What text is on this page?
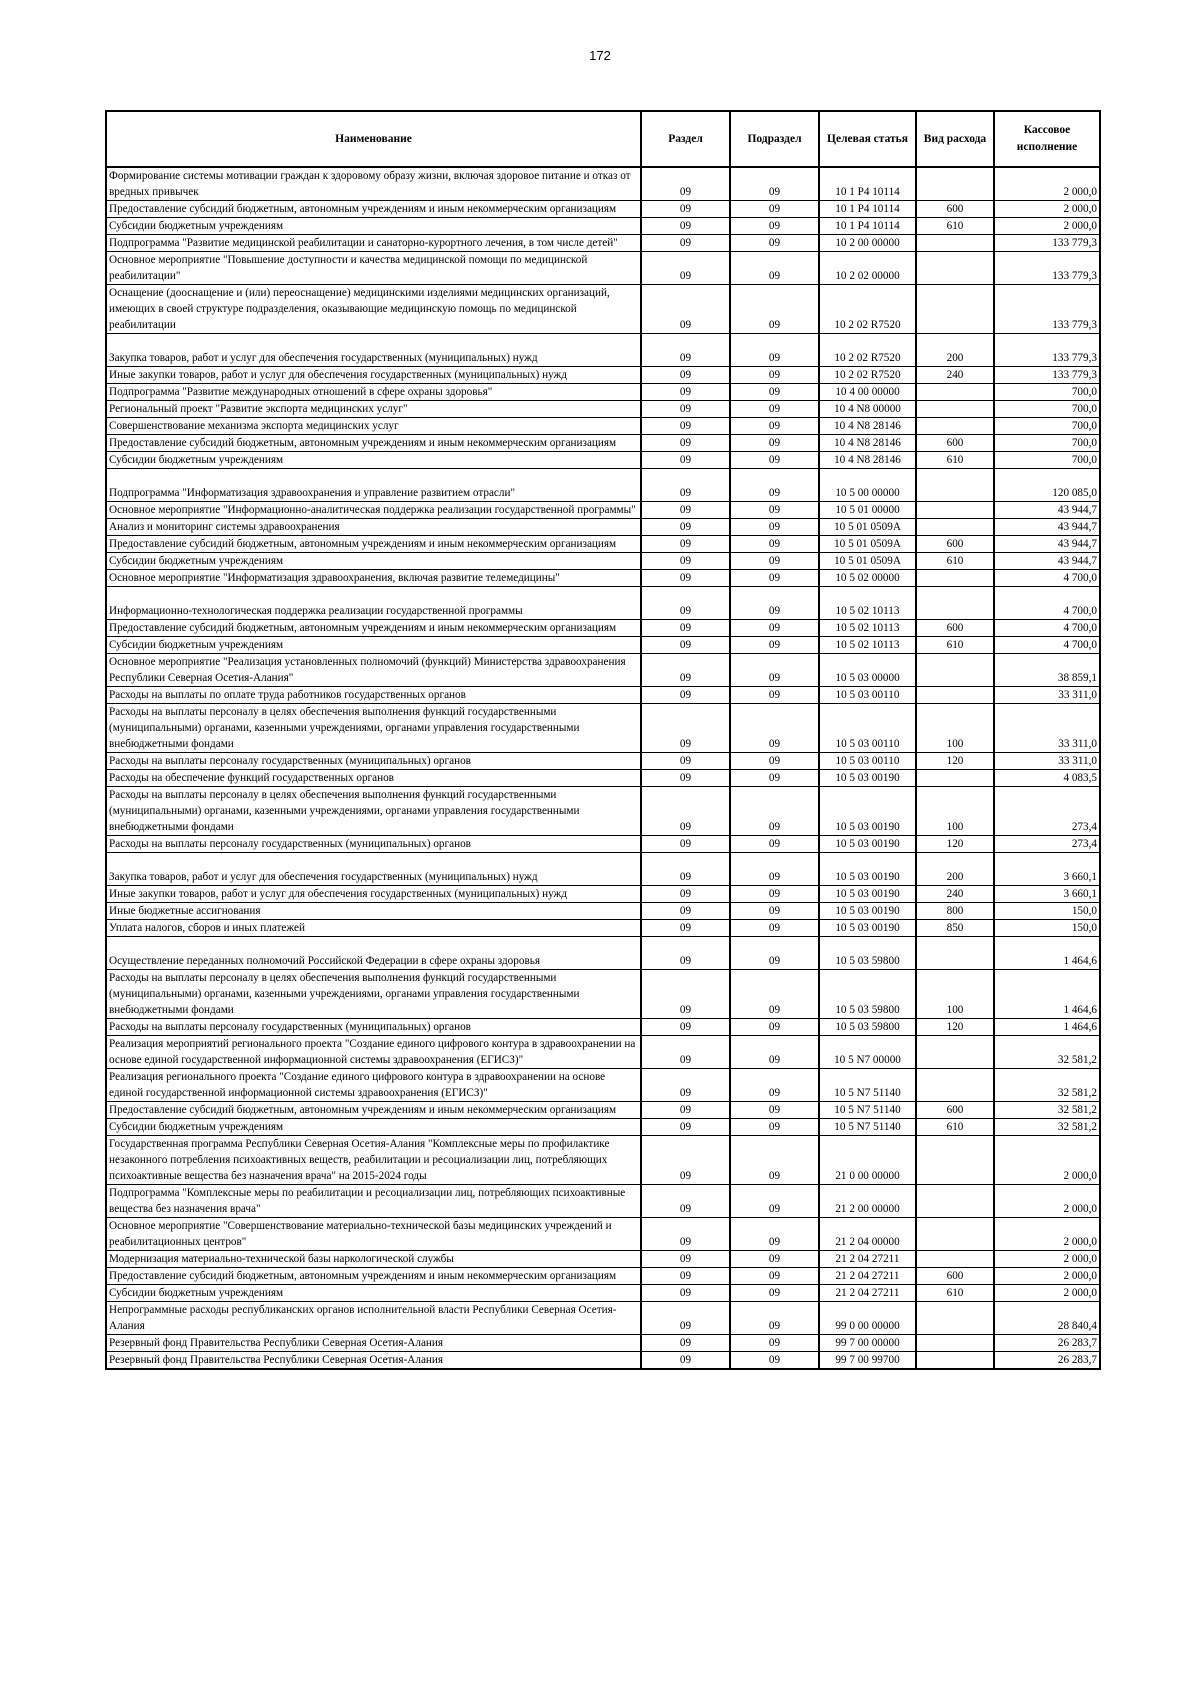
172
Наименование	Раздел	Подраздел	Целевая статья	Вид расхода	Кассовое исполнение
Формирование системы мотивации граждан к здоровому образу жизни, включая здоровое питание и отказ от вредных привычек	09	09	10 1 P4 10114		2 000,0
Предоставление субсидий бюджетным, автономным учреждениям и иным некоммерческим организациям	09	09	10 1 P4 10114	600	2 000,0
Субсидии бюджетным учреждениям	09	09	10 1 P4 10114	610	2 000,0
Подпрограмма "Развитие медицинской реабилитации и санаторно-курортного лечения, в том числе детей"	09	09	10 2 00 00000		133 779,3
Основное мероприятие "Повышение доступности и качества медицинской помощи по медицинской реабилитации"	09	09	10 2 02 00000		133 779,3
Оснащение (дооснащение и (или) переоснащение) медицинскими изделиями медицинских организаций, имеющих в своей структуре подразделения, оказывающие медицинскую помощь по медицинской реабилитации	09	09	10 2 02 R7520		133 779,3
Закупка товаров, работ и услуг для обеспечения государственных (муниципальных) нужд	09	09	10 2 02 R7520	200	133 779,3
Иные закупки товаров, работ и услуг для обеспечения государственных (муниципальных) нужд	09	09	10 2 02 R7520	240	133 779,3
Подпрограмма "Развитие международных отношений в сфере охраны здоровья"	09	09	10 4 00 00000		700,0
Региональный проект "Развитие экспорта медицинских услуг"	09	09	10 4 N8 00000		700,0
Совершенствование механизма экспорта медицинских услуг	09	09	10 4 N8 28146		700,0
Предоставление субсидий бюджетным, автономным учреждениям и иным некоммерческим организациям	09	09	10 4 N8 28146	600	700,0
Субсидии бюджетным учреждениям	09	09	10 4 N8 28146	610	700,0
Подпрограмма "Информатизация здравоохранения и управление развитием отрасли"	09	09	10 5 00 00000		120 085,0
Основное мероприятие "Информационно-аналитическая поддержка реализации государственной программы"	09	09	10 5 01 00000		43 944,7
Анализ и мониторинг системы здравоохранения	09	09	10 5 01 0509A		43 944,7
Предоставление субсидий бюджетным, автономным учреждениям и иным некоммерческим организациям	09	09	10 5 01 0509A	600	43 944,7
Субсидии бюджетным учреждениям	09	09	10 5 01 0509A	610	43 944,7
Основное мероприятие "Информатизация здравоохранения, включая развитие телемедицины"	09	09	10 5 02 00000		4 700,0
Информационно-технологическая поддержка реализации государственной программы	09	09	10 5 02 10113		4 700,0
Предоставление субсидий бюджетным, автономным учреждениям и иным некоммерческим организациям	09	09	10 5 02 10113	600	4 700,0
Субсидии бюджетным учреждениям	09	09	10 5 02 10113	610	4 700,0
Основное мероприятие "Реализация установленных полномочий (функций) Министерства здравоохранения Республики Северная Осетия-Алания"	09	09	10 5 03 00000		38 859,1
Расходы на выплаты по оплате труда работников государственных органов	09	09	10 5 03 00110		33 311,0
Расходы на выплаты персоналу в целях обеспечения выполнения функций государственными (муниципальными) органами, казенными учреждениями, органами управления государственными внебюджетными фондами	09	09	10 5 03 00110	100	33 311,0
Расходы на выплаты персоналу государственных (муниципальных) органов	09	09	10 5 03 00110	120	33 311,0
Расходы на обеспечение функций государственных органов	09	09	10 5 03 00190		4 083,5
Расходы на выплаты персоналу в целях обеспечения выполнения функций государственными (муниципальными) органами, казенными учреждениями, органами управления государственными внебюджетными фондами	09	09	10 5 03 00190	100	273,4
Расходы на выплаты персоналу государственных (муниципальных) органов	09	09	10 5 03 00190	120	273,4
Закупка товаров, работ и услуг для обеспечения государственных (муниципальных) нужд	09	09	10 5 03 00190	200	3 660,1
Иные закупки товаров, работ и услуг для обеспечения государственных (муниципальных) нужд	09	09	10 5 03 00190	240	3 660,1
Иные бюджетные ассигнования	09	09	10 5 03 00190	800	150,0
Уплата налогов, сборов и иных платежей	09	09	10 5 03 00190	850	150,0
Осуществление переданных полномочий Российской Федерации в сфере охраны здоровья	09	09	10 5 03 59800		1 464,6
Расходы на выплаты персоналу в целях обеспечения выполнения функций государственными (муниципальными) органами, казенными учреждениями, органами управления государственными внебюджетными фондами	09	09	10 5 03 59800	100	1 464,6
Расходы на выплаты персоналу государственных (муниципальных) органов	09	09	10 5 03 59800	120	1 464,6
Реализация мероприятий регионального проекта "Создание единого цифрового контура в здравоохранении на основе единой государственной информационной системы здравоохранения (ЕГИСЗ)"	09	09	10 5 N7 00000		32 581,2
Реализация регионального проекта "Создание единого цифрового контура в здравоохранении на основе единой государственной информационной системы здравоохранения (ЕГИСЗ)"	09	09	10 5 N7 51140		32 581,2
Предоставление субсидий бюджетным, автономным учреждениям и иным некоммерческим организациям	09	09	10 5 N7 51140	600	32 581,2
Субсидии бюджетным учреждениям	09	09	10 5 N7 51140	610	32 581,2
Государственная программа Республики Северная Осетия-Алания "Комплексные меры по профилактике незаконного потребления психоактивных веществ, реабилитации и ресоциализации лиц, потребляющих психоактивные вещества без назначения врача" на 2015-2024 годы	09	09	21 0 00 00000		2 000,0
Подпрограмма "Комплексные меры по реабилитации и ресоциализации лиц, потребляющих психоактивные вещества без назначения врача"	09	09	21 2 00 00000		2 000,0
Основное мероприятие "Совершенствование материально-технической базы медицинских учреждений и реабилитационных центров"	09	09	21 2 04 00000		2 000,0
Модернизация материально-технической базы наркологической службы	09	09	21 2 04 27211		2 000,0
Предоставление субсидий бюджетным, автономным учреждениям и иным некоммерческим организациям	09	09	21 2 04 27211	600	2 000,0
Субсидии бюджетным учреждениям	09	09	21 2 04 27211	610	2 000,0
Непрограммные расходы республиканских органов исполнительной власти Республики Северная Осетия-Алания	09	09	99 0 00 00000		28 840,4
Резервный фонд Правительства Республики Северная Осетия-Алания	09	09	99 7 00 00000		26 283,7
Резервный фонд Правительства Республики Северная Осетия-Алания	09	09	99 7 00 99700		26 283,7
